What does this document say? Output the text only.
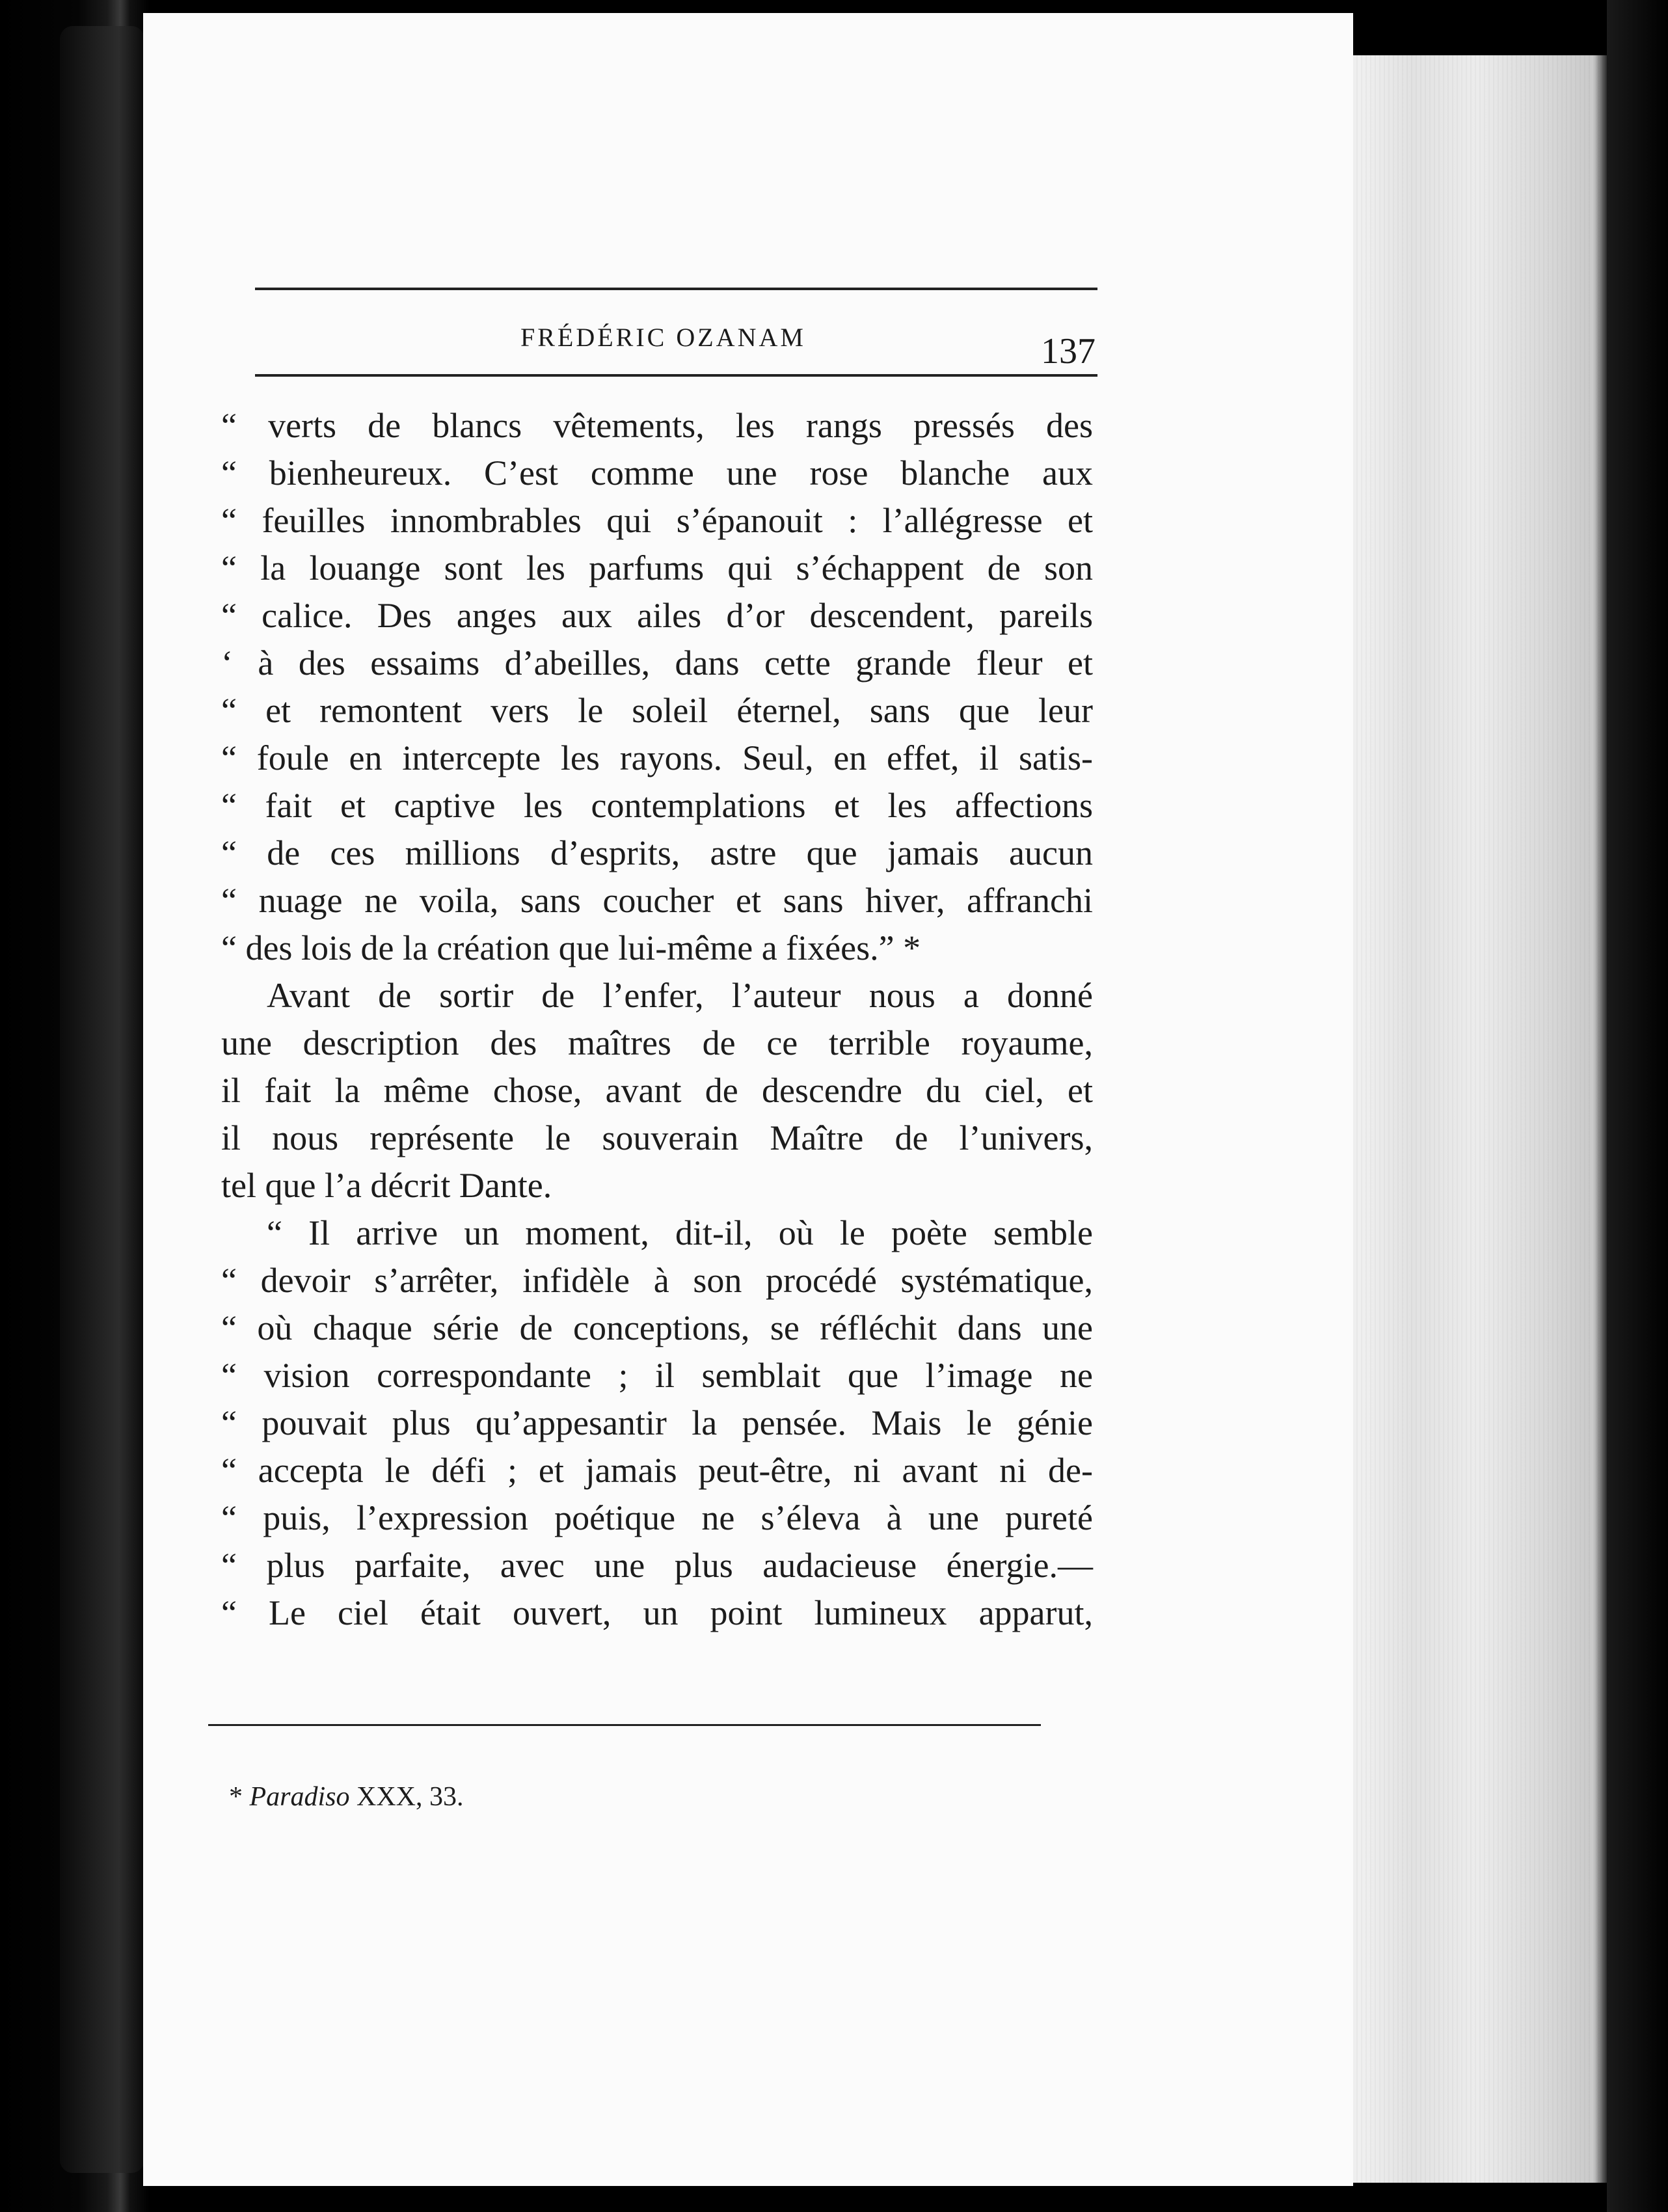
FRÉDÉRIC OZANAM	137
“ verts de blancs vêtements, les rangs pressés des
“ bienheureux. C’est comme une rose blanche aux
“ feuilles innombrables qui s’épanouit : l’allégresse et
“ la louange sont les parfums qui s’échappent de son
“ calice. Des anges aux ailes d’or descendent, pareils
‘ à des essaims d’abeilles, dans cette grande fleur et
“ et remontent vers le soleil éternel, sans que leur
“ foule en intercepte les rayons. Seul, en effet, il satis-
“ fait et captive les contemplations et les affections
“ de ces millions d’esprits, astre que jamais aucun
“ nuage ne voila, sans coucher et sans hiver, affranchi
“ des lois de la création que lui-même a fixées.” *
Avant de sortir de l’enfer, l’auteur nous a donné
une description des maîtres de ce terrible royaume,
il fait la même chose, avant de descendre du ciel, et
il nous représente le souverain Maître de l’univers,
tel que l’a décrit Dante.
“ Il arrive un moment, dit-il, où le poète semble
“ devoir s’arrêter, infidèle à son procédé systématique,
“ où chaque série de conceptions, se réfléchit dans une
“ vision correspondante ; il semblait que l’image ne
“ pouvait plus qu’appesantir la pensée. Mais le génie
“ accepta le défi ; et jamais peut-être, ni avant ni de-
“ puis, l’expression poétique ne s’éleva à une pureté
“ plus parfaite, avec une plus audacieuse énergie.—
“ Le ciel était ouvert, un point lumineux apparut,
* Paradiso XXX, 33.
